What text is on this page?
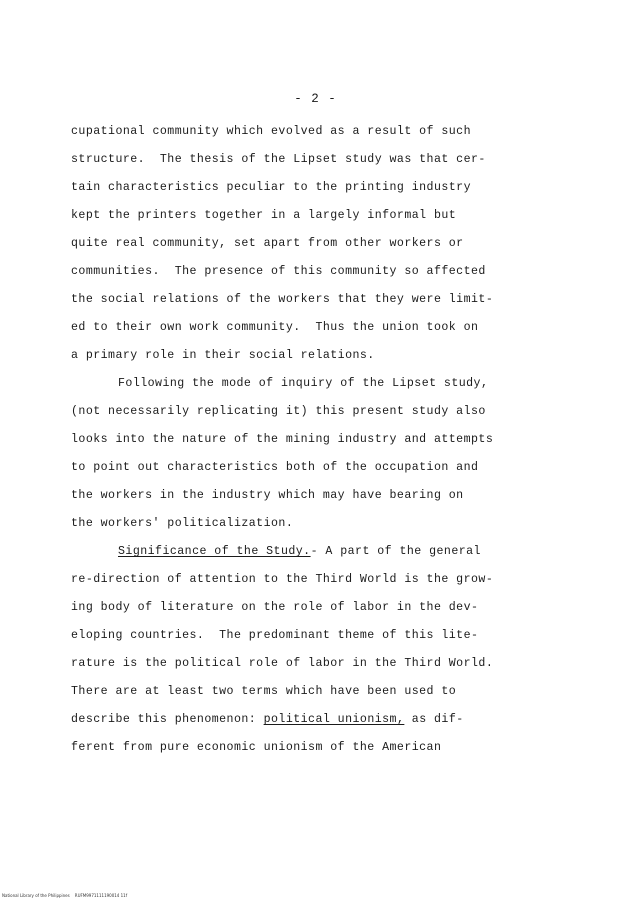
- 2 -
cupational community which evolved as a result of such
structure.  The thesis of the Lipset study was that cer-
tain characteristics peculiar to the printing industry
kept the printers together in a largely informal but
quite real community, set apart from other workers or
communities.  The presence of this community so affected
the social relations of the workers that they were limit-
ed to their own work community.  Thus the union took on
a primary role in their social relations.
Following the mode of inquiry of the Lipset study,
(not necessarily replicating it) this present study also
looks into the nature of the mining industry and attempts
to point out characteristics both of the occupation and
the workers in the industry which may have bearing on
the workers' politicalization.
Significance of the Study.- A part of the general
re-direction of attention to the Third World is the grow-
ing body of literature on the role of labor in the dev-
eloping countries.  The predominant theme of this lite-
rature is the political role of labor in the Third World.
There are at least two terms which have been used to
describe this phenomenon: political unionism, as dif-
ferent from pure economic unionism of the American
National Library of the Philippines    RUFM9971111190014 11f
